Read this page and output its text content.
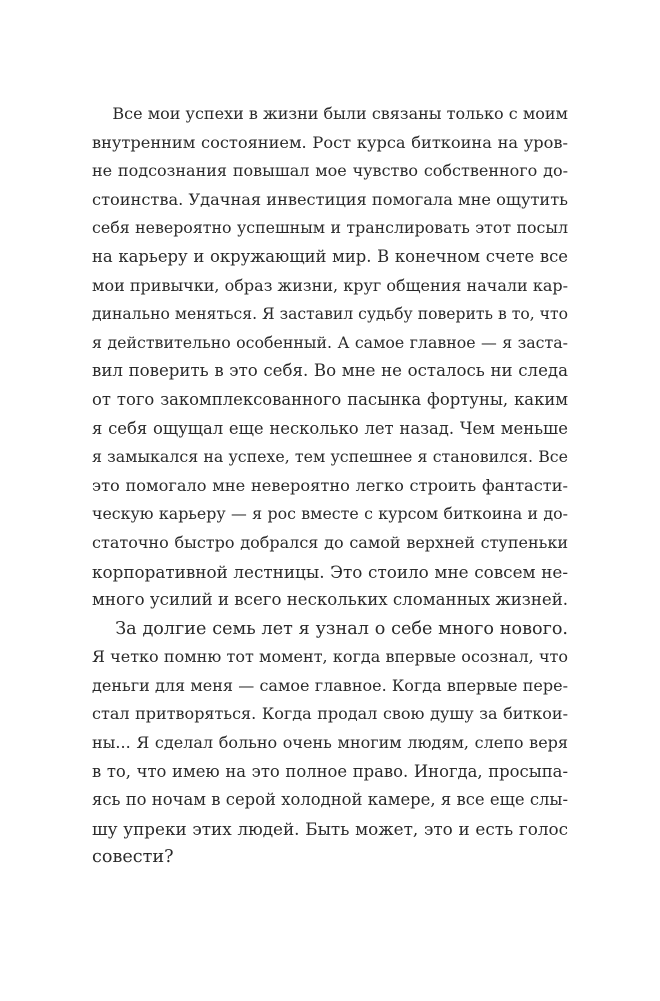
Все мои успехи в жизни были связаны только с моим
внутренним состоянием. Рост курса биткоина на уров-
не подсознания повышал мое чувство собственного до-
стоинства. Удачная инвестиция помогала мне ощутить
себя невероятно успешным и транслировать этот посыл
на карьеру и окружающий мир. В конечном счете все
мои привычки, образ жизни, круг общения начали кар-
динально меняться. Я заставил судьбу поверить в то, что
я действительно особенный. А самое главное — я заста-
вил поверить в это себя. Во мне не осталось ни следа
от того закомплексованного пасынка фортуны, каким
я себя ощущал еще несколько лет назад. Чем меньше
я замыкался на успехе, тем успешнее я становился. Все
это помогало мне невероятно легко строить фантасти-
ческую карьеру — я рос вместе с курсом биткоина и до-
статочно быстро добрался до самой верхней ступеньки
корпоративной лестницы. Это стоило мне совсем не-
много усилий и всего нескольких сломанных жизней.
За долгие семь лет я узнал о себе много нового.
Я четко помню тот момент, когда впервые осознал, что
деньги для меня — самое главное. Когда впервые пере-
стал притворяться. Когда продал свою душу за биткои-
ны... Я сделал больно очень многим людям, слепо веря
в то, что имею на это полное право. Иногда, просыпа-
ясь по ночам в серой холодной камере, я все еще слы-
шу упреки этих людей. Быть может, это и есть голос
совести?
